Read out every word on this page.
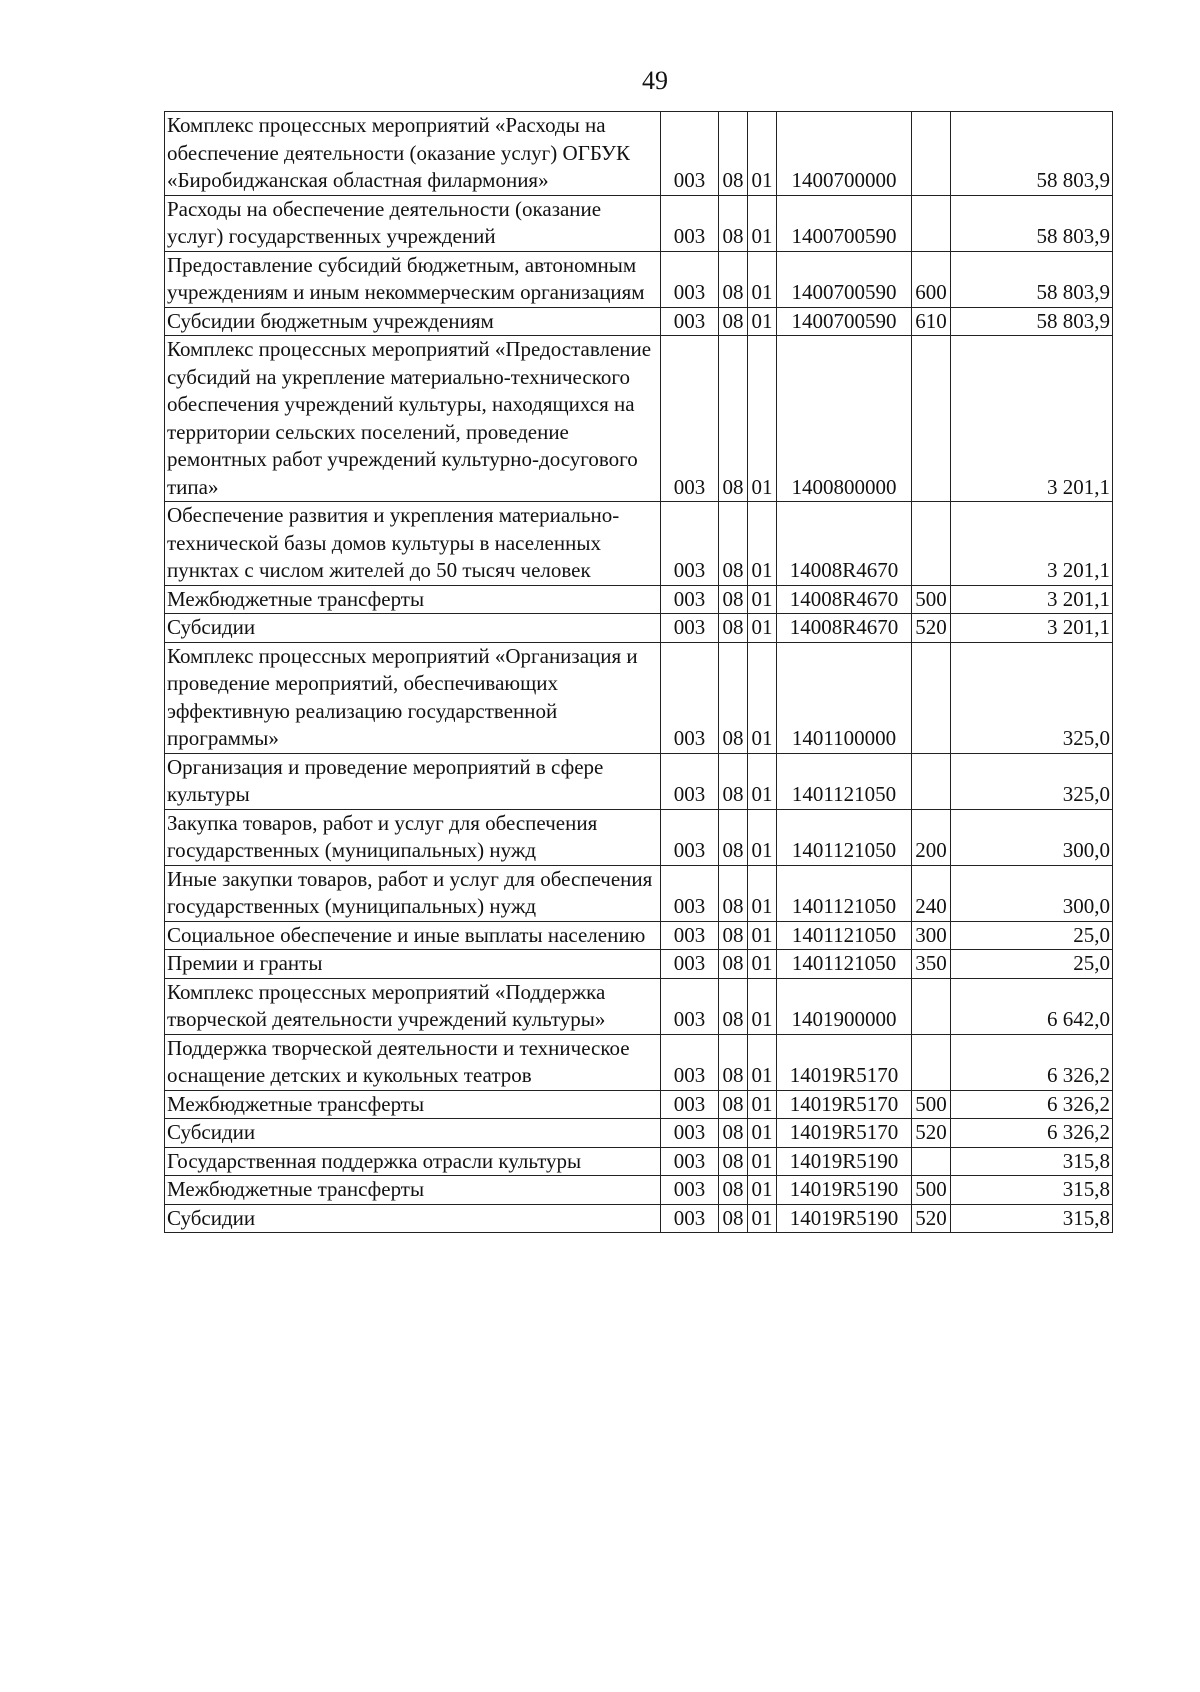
49
Комплекс процессных мероприятий «Расходы на обеспечение деятельности (оказание услуг) ОГБУК «Биробиджанская областная филармония»	003	08	01	1400700000		58 803,9
Расходы на обеспечение деятельности (оказание услуг) государственных учреждений	003	08	01	1400700590		58 803,9
Предоставление субсидий бюджетным, автономным учреждениям и иным некоммерческим организациям	003	08	01	1400700590	600	58 803,9
Субсидии бюджетным учреждениям	003	08	01	1400700590	610	58 803,9
Комплекс процессных мероприятий «Предоставление субсидий на укрепление материально-технического обеспечения учреждений культуры, находящихся на территории сельских поселений, проведение ремонтных работ учреждений культурно-досугового типа»	003	08	01	1400800000		3 201,1
Обеспечение развития и укрепления материально-технической базы домов культуры в населенных пунктах с числом жителей до 50 тысяч человек	003	08	01	14008R4670		3 201,1
Межбюджетные трансферты	003	08	01	14008R4670	500	3 201,1
Субсидии	003	08	01	14008R4670	520	3 201,1
Комплекс процессных мероприятий «Организация и проведение мероприятий, обеспечивающих эффективную реализацию государственной программы»	003	08	01	1401100000		325,0
Организация и проведение мероприятий в сфере культуры	003	08	01	1401121050		325,0
Закупка товаров, работ и услуг для обеспечения государственных (муниципальных) нужд	003	08	01	1401121050	200	300,0
Иные закупки товаров, работ и услуг для обеспечения государственных (муниципальных) нужд	003	08	01	1401121050	240	300,0
Социальное обеспечение и иные выплаты населению	003	08	01	1401121050	300	25,0
Премии и гранты	003	08	01	1401121050	350	25,0
Комплекс процессных мероприятий «Поддержка творческой деятельности учреждений культуры»	003	08	01	1401900000		6 642,0
Поддержка творческой деятельности и техническое оснащение детских и кукольных театров	003	08	01	14019R5170		6 326,2
Межбюджетные трансферты	003	08	01	14019R5170	500	6 326,2
Субсидии	003	08	01	14019R5170	520	6 326,2
Государственная поддержка отрасли культуры	003	08	01	14019R5190		315,8
Межбюджетные трансферты	003	08	01	14019R5190	500	315,8
Субсидии	003	08	01	14019R5190	520	315,8
